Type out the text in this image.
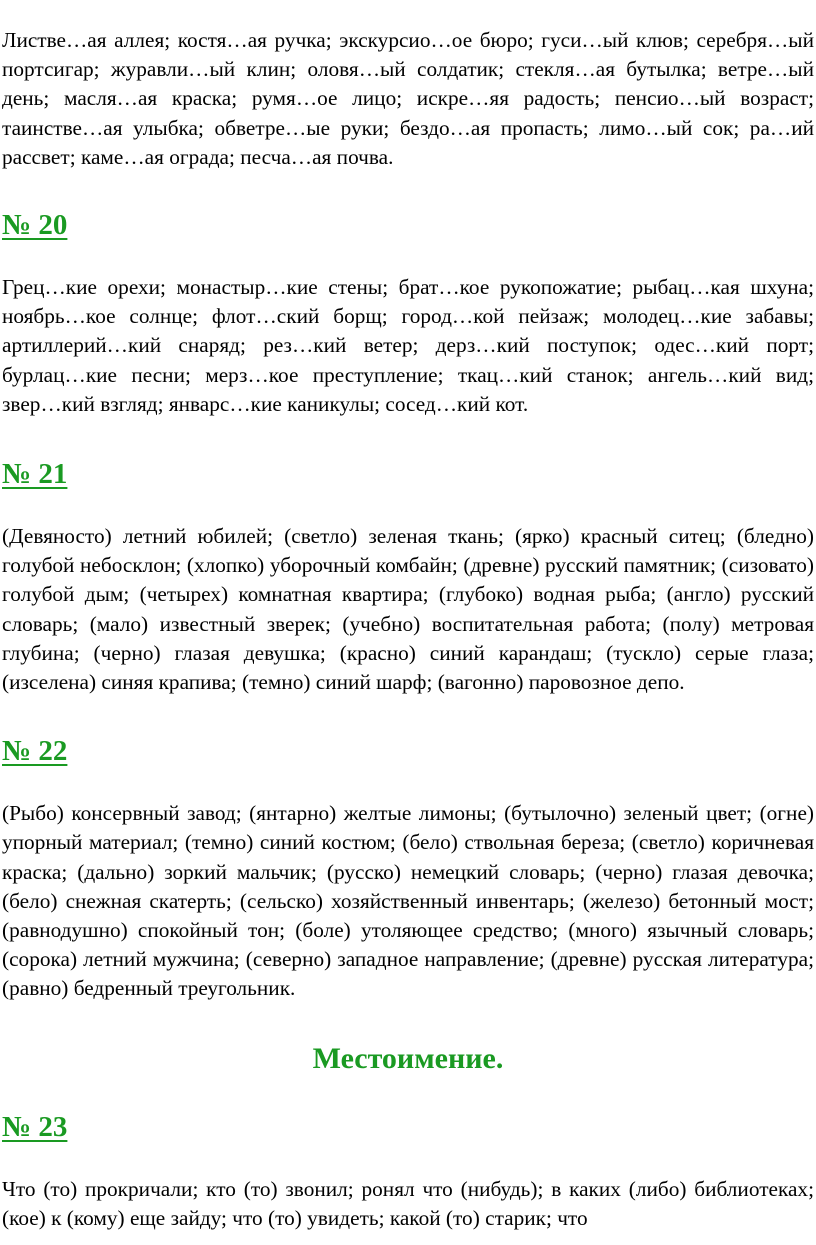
Листве…ая аллея; костя…ая ручка; экскурсио…ое бюро; гуси…ый клюв; серебря…ый портсигар; журавли…ый клин; оловя…ый солдатик; стекля…ая бутылка; ветре…ый день; масля…ая краска; румя…ое лицо; искре…яя радость; пенсио…ый возраст; таинстве…ая улыбка; обветре…ые руки; бездо…ая пропасть; лимо…ый сок; ра…ий рассвет; каме…ая ограда; песча…ая почва.

№ 20

Грец…кие орехи; монастыр…кие стены; брат…кое рукопожатие; рыбац…кая шхуна; ноябрь…кое солнце; флот…ский борщ; город…кой пейзаж; молодец…кие забавы; артиллерий…кий снаряд; рез…кий ветер; дерз…кий поступок; одес…кий порт; бурлац…кие песни; мерз…кое преступление; ткац…кий станок; ангель…кий вид; звер…кий взгляд; январс…кие каникулы; сосед…кий кот.

№ 21

(Девяносто) летний юбилей; (светло) зеленая ткань; (ярко) красный ситец; (бледно) голубой небосклон; (хлопко) уборочный комбайн; (древне) русский памятник; (сизовато) голубой дым; (четырех) комнатная квартира; (глубоко) водная рыба; (англо) русский словарь; (мало) известный зверек; (учебно) воспитательная работа; (полу) метровая глубина; (черно) глазая девушка; (красно) синий карандаш; (тускло) серые глаза; (изселена) синяя крапива; (темно) синий шарф; (вагонно) паровозное депо.

№ 22

(Рыбо) консервный завод; (янтарно) желтые лимоны; (бутылочно) зеленый цвет; (огне) упорный материал; (темно) синий костюм; (бело) ствольная береза; (светло) коричневая краска; (дально) зоркий мальчик; (русско) немецкий словарь; (черно) глазая девочка; (бело) снежная скатерть; (сельско) хозяйственный инвентарь; (железо) бетонный мост; (равнодушно) спокойный тон; (боле) утоляющее средство; (много) язычный словарь; (сорока) летний мужчина; (северно) западное направление; (древне) русская литература; (равно) бедренный треугольник.

Местоимение.
№ 23

Что (то) прокричали; кто (то) звонил; ронял что (нибудь); в каких (либо) библиотеках; (кое) к (кому) еще зайду; что (то) увидеть; какой (то) старик; что
